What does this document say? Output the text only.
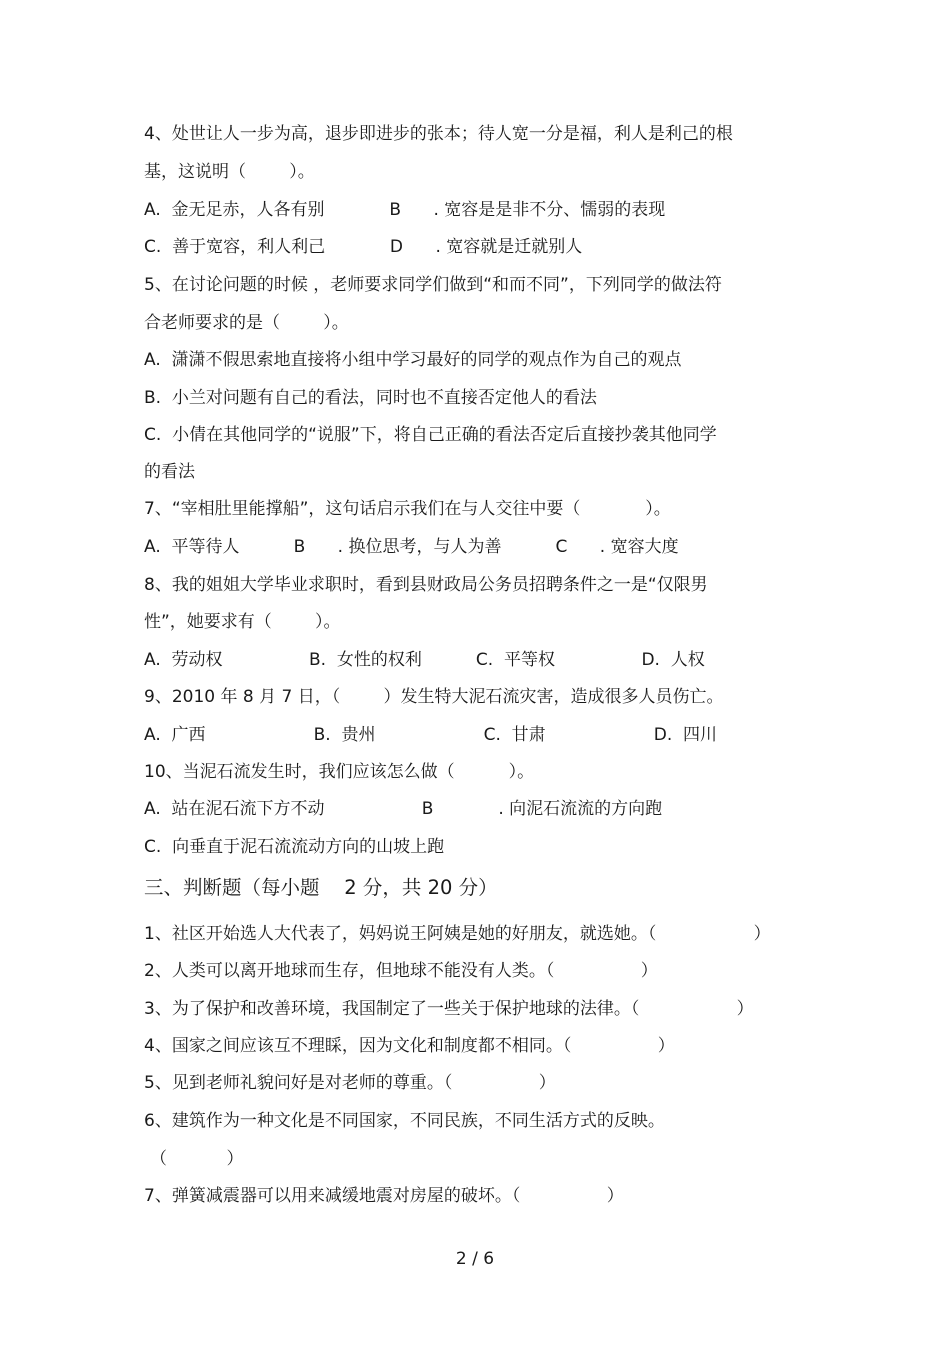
4、处世让人一步为高，退步即进步的张本；待人宽一分是福，利人是利己的根
基，这说明（        ）。
A.  金无足赤，人各有别            B      . 宽容是是非不分、懦弱的表现
C.  善于宽容，利人利己            D      . 宽容就是迁就别人
5、在讨论问题的时候 ，老师要求同学们做到“和而不同”，下列同学的做法符
合老师要求的是（        ）。
A.  潇潇不假思索地直接将小组中学习最好的同学的观点作为自己的观点
B.  小兰对问题有自己的看法，同时也不直接否定他人的看法
C.  小倩在其他同学的“说服”下，将自己正确的看法否定后直接抄袭其他同学
的看法
7、“宰相肚里能撑船”，这句话启示我们在与人交往中要（            ）。
A.  平等待人          B      . 换位思考，与人为善          C      . 宽容大度
8、我的姐姐大学毕业求职时，看到县财政局公务员招聘条件之一是“仅限男
性”，她要求有（        ）。
A.  劳动权                B.  女性的权利          C.  平等权                D.  人权
9、2010 年 8 月 7 日，（        ）发生特大泥石流灾害，造成很多人员伤亡。
A.  广西                    B.  贵州                    C.  甘肃                    D.  四川
10、当泥石流发生时，我们应该怎么做（          ）。
A.  站在泥石流下方不动                  B            . 向泥石流流的方向跑
C.  向垂直于泥石流流动方向的山坡上跑
三、判断题（每小题    2 分，共 20 分）
1、社区开始选人大代表了，妈妈说王阿姨是她的好朋友，就选她。（                  ）
2、人类可以离开地球而生存，但地球不能没有人类。（                ）
3、为了保护和改善环境，我国制定了一些关于保护地球的法律。（                  ）
4、国家之间应该互不理睬，因为文化和制度都不相同。（                ）
5、见到老师礼貌问好是对老师的尊重。（                ）
6、建筑作为一种文化是不同国家，不同民族，不同生活方式的反映。
（           ）
7、弹簧减震器可以用来减缓地震对房屋的破坏。（                ）
2 / 6
